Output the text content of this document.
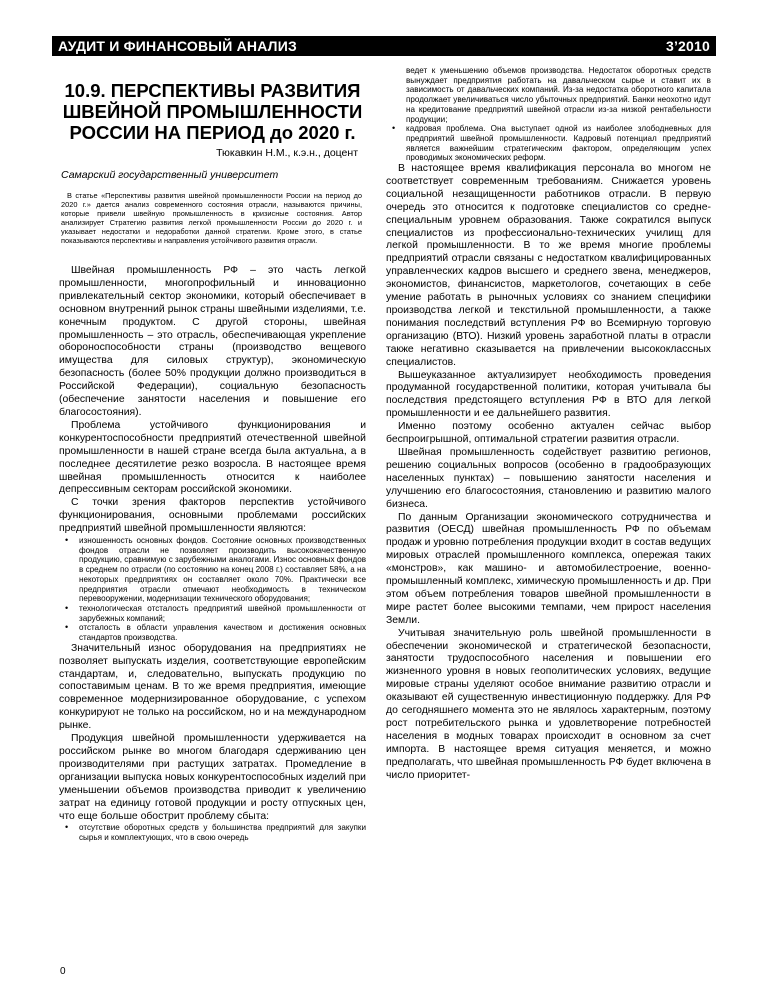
АУДИТ И ФИНАНСОВЫЙ АНАЛИЗ	3’2010
10.9. ПЕРСПЕКТИВЫ РАЗВИТИЯ ШВЕЙНОЙ ПРОМЫШЛЕННОСТИ РОССИИ НА ПЕРИОД до 2020 г.
Тюкавкин Н.М., к.э.н., доцент
Самарский государственный университет
В статье «Перспективы развития швейной промышленности России на период до 2020 г.» дается анализ современного состояния отрасли, называются причины, которые привели швейную промышленность в кризисные состояния. Автор анализирует Стратегию развития легкой промышленности России до 2020 г. и указывает недостатки и недоработки данной стратегии. Кроме этого, в статье показываются перспективы и направления устойчивого развития отрасли.

Швейная промышленность РФ – это часть легкой промышленности, многопрофильный и инновационно привлекательный сектор экономики, который обеспечивает в основном внутренний рынок страны швейными изделиями, т.е. конечным продуктом. С другой стороны, швейная промышленность – это отрасль, обеспечивающая укрепление обороноспособности страны (производство вещевого имущества для силовых структур), экономическую безопасность (более 50% продукции должно производиться в Российской Федерации), социальную безопасность (обеспечение занятости населения и повышение его благосостояния).

Проблема устойчивого функционирования и конкурентоспособности предприятий отечественной швейной промышленности в нашей стране всегда была актуальна, а в последнее десятилетие резко возросла. В настоящее время швейная промышленность относится к наиболее депрессивным секторам российской экономики.

С точки зрения факторов перспектив устойчивого функционирования, основными проблемами российских предприятий швейной промышленности являются:

• изношенность основных фондов. Состояние основных производственных фондов отрасли не позволяет производить высококачественную продукцию, сравнимую с зарубежными аналогами. Износ основных фондов в среднем по отрасли (по состоянию на конец 2008 г.) составляет 58%, а на некоторых предприятиях он составляет около 70%. Практически все предприятия отрасли отмечают необходимость в техническом перевооружении, модернизации технического оборудования;
• технологическая отсталость предприятий швейной промышленности от зарубежных компаний;
• отсталость в области управления качеством и достижения основных стандартов производства.

Значительный износ оборудования на предприятиях не позволяет выпускать изделия, соответствующие европейским стандартам, и, следовательно, выпускать продукцию по сопоставимым ценам. В то же время предприятия, имеющие современное модернизированное оборудование, с успехом конкурируют не только на российском, но и на международном рынке.

Продукция швейной промышленности удерживается на российском рынке во многом благодаря сдерживанию цен производителями при растущих затратах. Промедление в организации выпуска новых конкурентоспособных изделий при уменьшении объемов производства приводит к увеличению затрат на единицу готовой продукции и росту отпускных цен, что еще больше обострит проблему сбыта:

• отсутствие оборотных средств у большинства предприятий для закупки сырья и комплектующих, что в свою очередь
ведет к уменьшению объемов производства. Недостаток оборотных средств вынуждает предприятия работать на давальческом сырье и ставит их в зависимость от давальческих компаний. Из-за недостатка оборотного капитала продолжает увеличиваться число убыточных предприятий. Банки неохотно идут на кредитование предприятий швейной отрасли из-за низкой рентабельности продукции;
• кадровая проблема. Она выступает одной из наиболее злободневных для предприятий швейной промышленности. Кадровый потенциал предприятий является важнейшим стратегическим фактором, определяющим успех проводимых экономических реформ.

В настоящее время квалификация персонала во многом не соответствует современным требованиям. Снижается уровень социальной незащищенности работников отрасли. В первую очередь это относится к подготовке специалистов со средне-специальным уровнем образования. Также сократился выпуск специалистов из профессионально-технических училищ для легкой промышленности. В то же время многие проблемы предприятий отрасли связаны с недостатком квалифицированных управленческих кадров высшего и среднего звена, менеджеров, экономистов, финансистов, маркетологов, сочетающих в себе умение работать в рыночных условиях со знанием специфики производства легкой и текстильной промышленности, а также понимания последствий вступления РФ во Всемирную торговую организацию (ВТО). Низкий уровень заработной платы в отрасли также негативно сказывается на привлечении высококлассных специалистов.

Вышеуказанное актуализирует необходимость проведения продуманной государственной политики, которая учитывала бы последствия предстоящего вступления РФ в ВТО для легкой промышленности и ее дальнейшего развития.

Именно поэтому особенно актуален сейчас выбор беспроигрышной, оптимальной стратегии развития отрасли.

Швейная промышленность содействует развитию регионов, решению социальных вопросов (особенно в градообразующих населенных пунктах) – повышению занятости населения и улучшению его благосостояния, становлению и развитию малого бизнеса.

По данным Организации экономического сотрудничества и развития (ОЕСД) швейная промышленность РФ по объемам продаж и уровню потребления продукции входит в состав ведущих мировых отраслей промышленного комплекса, опережая таких «монстров», как машино- и автомобилестроение, военно-промышленный комплекс, химическую промышленность и др. При этом объем потребления товаров швейной промышленности в мире растет более высокими темпами, чем прирост населения Земли.

Учитывая значительную роль швейной промышленности в обеспечении экономической и стратегической безопасности, занятости трудоспособного населения и повышении его жизненного уровня в новых геополитических условиях, ведущие мировые страны уделяют особое внимание развитию отрасли и оказывают ей существенную инвестиционную поддержку. Для РФ до сегодняшнего момента это не являлось характерным, поэтому рост потребительского рынка и удовлетворение потребностей населения в модных товарах происходит в основном за счет импорта. В настоящее время ситуация меняется, и можно предполагать, что швейная промышленность РФ будет включена в число приоритет-

0
